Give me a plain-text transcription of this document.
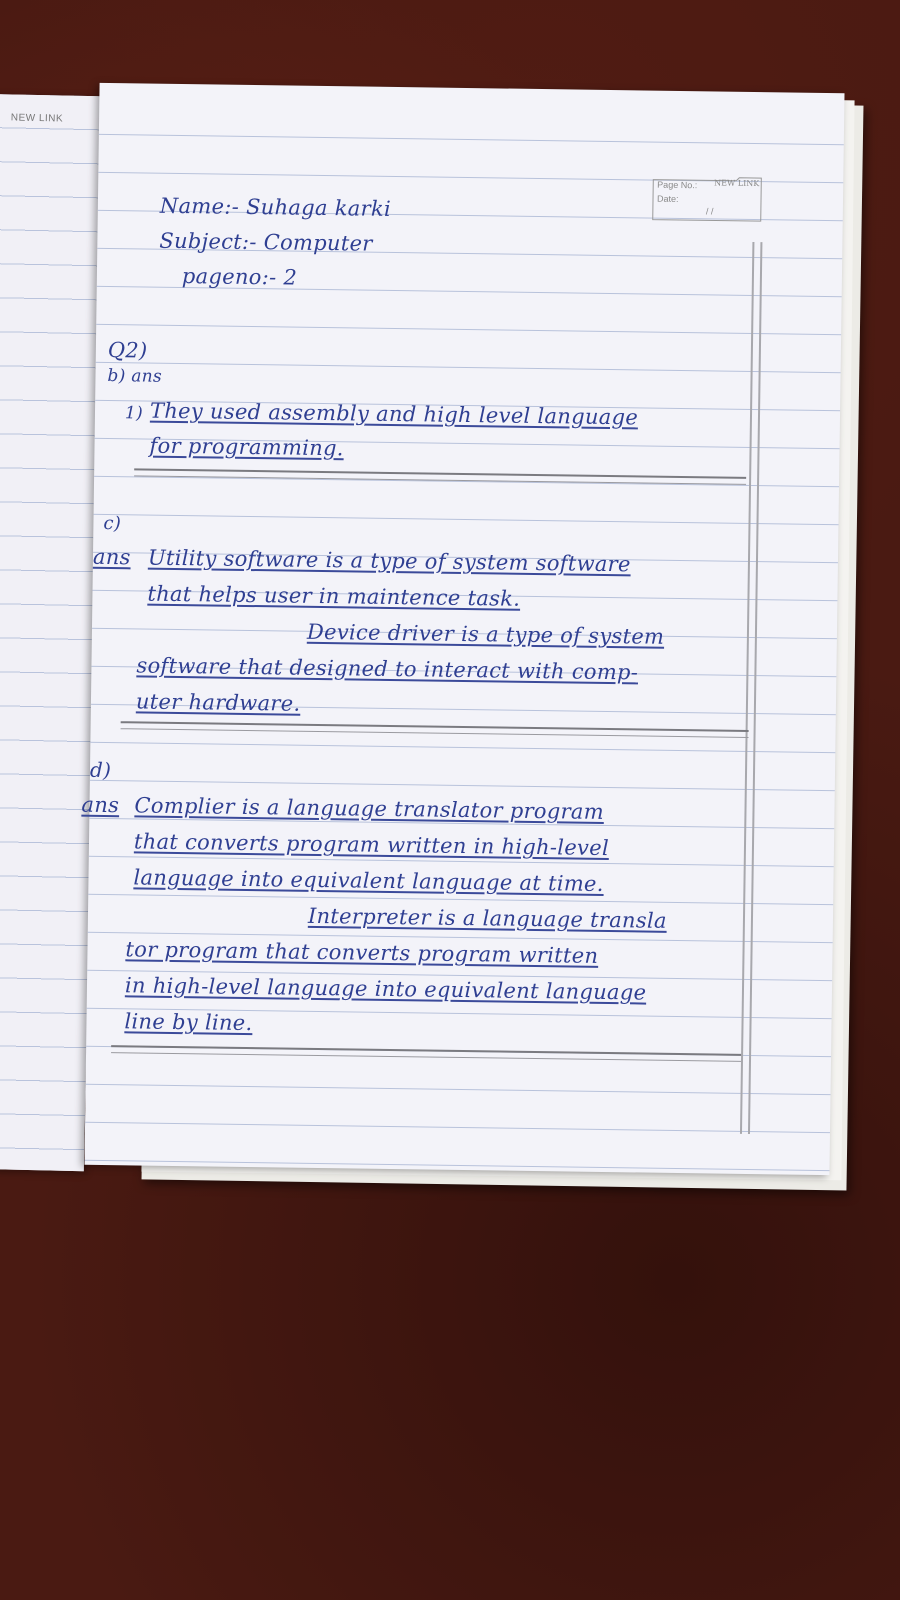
NEW LINK
Page No.:
Date:
/ /
NEW LINK
Name:- Suhaga karki
Subject:- Computer
pageno:- 2
Q2)
b) ans
1) They used assembly and high level language
for programming.
c)
ans Utility software is a type of system software
that helps user in maintence task.
Device driver is a type of system
software that designed to interact with comp-
uter hardware.
d)
ans Complier is a language translator program
that converts program written in high-level
language into equivalent language at time.
Interpreter is a language transla
tor program that converts program written
in high-level language into equivalent language
line by line.
